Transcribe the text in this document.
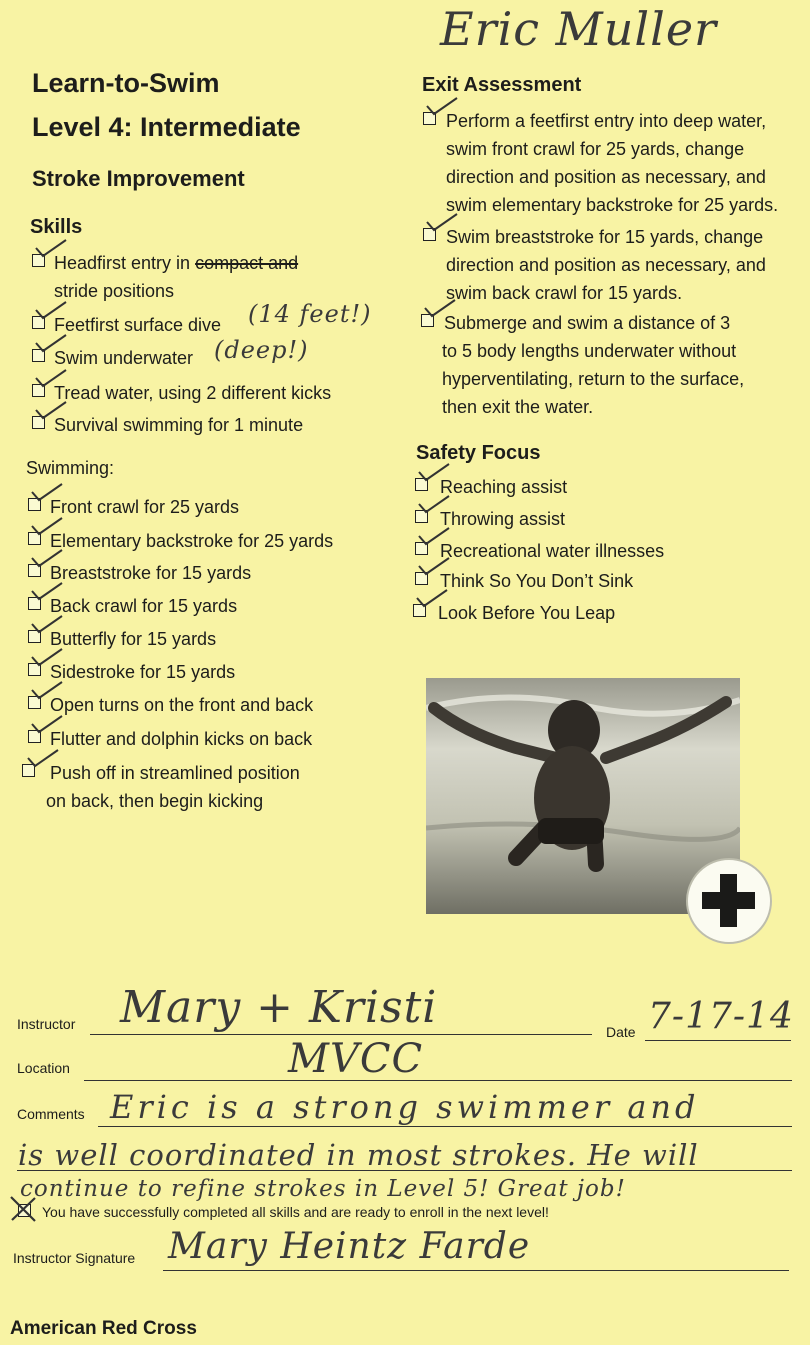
Eric Muller
Learn-to-Swim
Level 4: Intermediate
Stroke Improvement
Skills
Headfirst entry in compact and
stride positions
Feetfirst surface dive (14 feet!)
Swim underwater (deep!)
Tread water, using 2 different kicks
Survival swimming for 1 minute
Swimming:
Front crawl for 25 yards
Elementary backstroke for 25 yards
Breaststroke for 15 yards
Back crawl for 15 yards
Butterfly for 15 yards
Sidestroke for 15 yards
Open turns on the front and back
Flutter and dolphin kicks on back
Push off in streamlined position
on back, then begin kicking
Exit Assessment
Perform a feetfirst entry into deep water,
swim front crawl for 25 yards, change
direction and position as necessary, and
swim elementary backstroke for 25 yards.
Swim breaststroke for 15 yards, change
direction and position as necessary, and
swim back crawl for 15 yards.
Submerge and swim a distance of 3
to 5 body lengths underwater without
hyperventilating, return to the surface,
then exit the water.
Safety Focus
Reaching assist
Throwing assist
Recreational water illnesses
Think So You Don’t Sink
Look Before You Leap
Instructor Mary + Kristi	Date 7-17-14
Location	MVCC
Comments Eric is a strong swimmer and
is well coordinated in most strokes. He will
continue to refine strokes in Level 5! Great job!
You have successfully completed all skills and are ready to enroll in the next level!
Instructor Signature Mary Heintz Farde
American Red Cross
